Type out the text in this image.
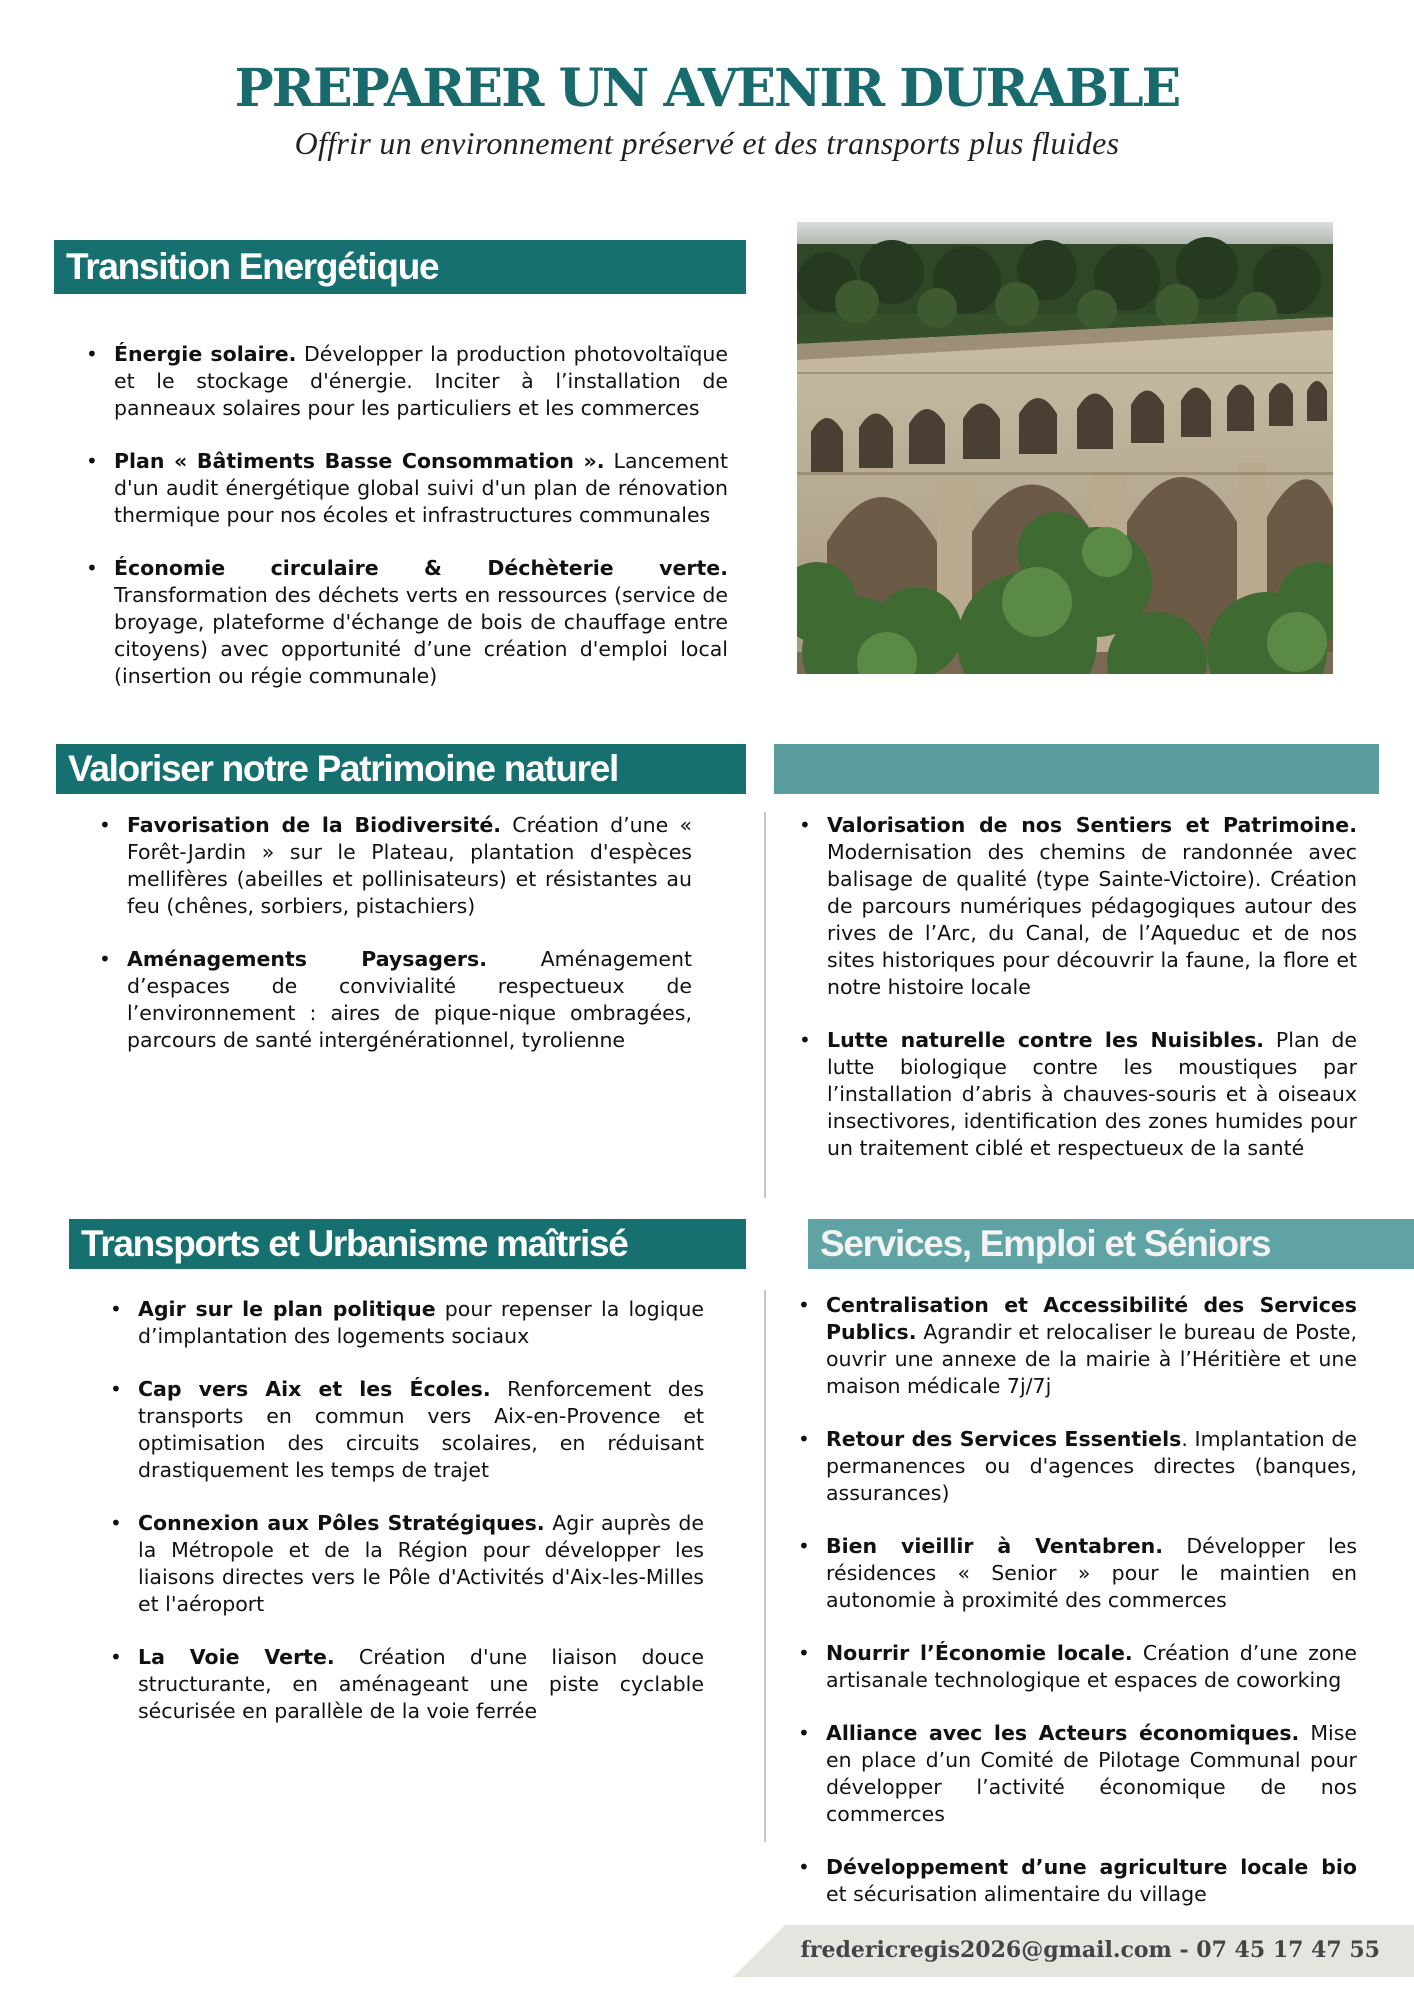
PREPARER UN AVENIR DURABLE
Offrir un environnement préservé et des transports plus fluides
Transition Energétique
• Énergie solaire. Développer la production photovoltaïque et le stockage d'énergie. Inciter à l’installation de panneaux solaires pour les particuliers et les commerces
• Plan « Bâtiments Basse Consommation ». Lancement d'un audit énergétique global suivi d'un plan de rénovation thermique pour nos écoles et infrastructures communales
• Économie circulaire & Déchèterie verte. Transformation des déchets verts en ressources (service de broyage, plateforme d'échange de bois de chauffage entre citoyens) avec opportunité d’une création d'emploi local (insertion ou régie communale)
Valoriser notre Patrimoine naturel
• Favorisation de la Biodiversité. Création d’une « Forêt-Jardin » sur le Plateau, plantation d'espèces mellifères (abeilles et pollinisateurs) et résistantes au feu (chênes, sorbiers, pistachiers)
• Aménagements Paysagers. Aménagement d’espaces de convivialité respectueux de l’environnement : aires de pique-nique ombragées, parcours de santé intergénérationnel, tyrolienne
• Valorisation de nos Sentiers et Patrimoine. Modernisation des chemins de randonnée avec balisage de qualité (type Sainte-Victoire). Création de parcours numériques pédagogiques autour des rives de l’Arc, du Canal, de l’Aqueduc et de nos sites historiques pour découvrir la faune, la flore et notre histoire locale
• Lutte naturelle contre les Nuisibles. Plan de lutte biologique contre les moustiques par l’installation d’abris à chauves-souris et à oiseaux insectivores, identification des zones humides pour un traitement ciblé et respectueux de la santé
Transports et Urbanisme maîtrisé
• Agir sur le plan politique pour repenser la logique d’implantation des logements sociaux
• Cap vers Aix et les Écoles. Renforcement des transports en commun vers Aix-en-Provence et optimisation des circuits scolaires, en réduisant drastiquement les temps de trajet
• Connexion aux Pôles Stratégiques. Agir auprès de la Métropole et de la Région pour développer les liaisons directes vers le Pôle d'Activités d'Aix-les-Milles et l'aéroport
• La Voie Verte. Création d'une liaison douce structurante, en aménageant une piste cyclable sécurisée en parallèle de la voie ferrée
Services, Emploi et Séniors
• Centralisation et Accessibilité des Services Publics. Agrandir et relocaliser le bureau de Poste, ouvrir une annexe de la mairie à l’Héritière et une maison médicale 7j/7j
• Retour des Services Essentiels. Implantation de permanences ou d'agences directes (banques, assurances)
• Bien vieillir à Ventabren. Développer les résidences « Senior » pour le maintien en autonomie à proximité des commerces
• Nourrir l’Économie locale. Création d’une zone artisanale technologique et espaces de coworking
• Alliance avec les Acteurs économiques. Mise en place d’un Comité de Pilotage Communal pour développer l’activité économique de nos commerces
• Développement d’une agriculture locale bio et sécurisation alimentaire du village
fredericregis2026@gmail.com - 07 45 17 47 55
